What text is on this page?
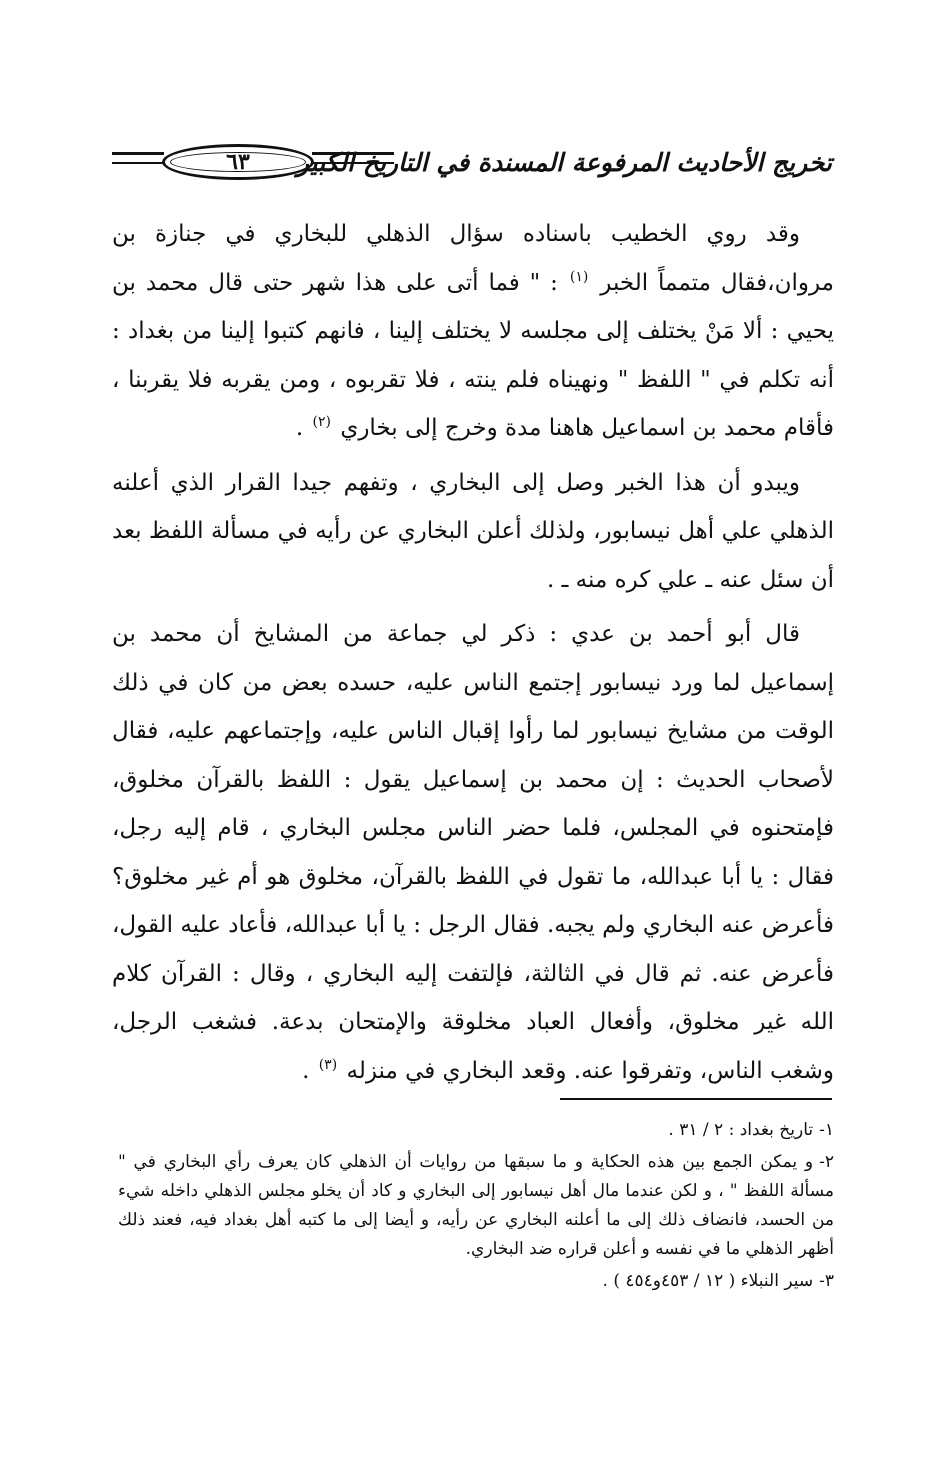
٦٣ تخريج الأحاديث المرفوعة المسندة في التاريخ الكبير

وقد روي الخطيب باسناده سؤال الذهلي للبخاري في جنازة بن مروان،فقال متمماً الخبر $^{(١)}$ : " فما أتى على هذا شهر حتى قال محمد بن يحيي : ألا مَنْ يختلف إلى مجلسه لا يختلف إلينا ، فانهم كتبوا إلينا من بغداد : أنه تكلم في " اللفظ " ونهيناه فلم ينته ، فلا تقربوه ، ومن يقربه فلا يقربنا ، فأقام محمد بن اسماعيل هاهنا مدة وخرج إلى بخاري $^{(٢)}$ .

ويبدو أن هذا الخبر وصل إلى البخاري ، وتفهم جيدا القرار الذي أعلنه الذهلي علي أهل نيسابور، ولذلك أعلن البخاري عن رأيه في مسألة اللفظ بعد أن سئل عنه ـ علي كره منه ـ .

قال أبو أحمد بن عدي : ذكر لي جماعة من المشايخ أن محمد بن إسماعيل لما ورد نيسابور إجتمع الناس عليه، حسده بعض من كان في ذلك الوقت من مشايخ نيسابور لما رأوا إقبال الناس عليه، وإجتماعهم عليه، فقال لأصحاب الحديث : إن محمد بن إسماعيل يقول : اللفظ بالقرآن مخلوق، فإمتحنوه في المجلس، فلما حضر الناس مجلس البخاري ، قام إليه رجل، فقال : يا أبا عبدالله، ما تقول في اللفظ بالقرآن، مخلوق هو أم غير مخلوق؟ فأعرض عنه البخاري ولم يجبه. فقال الرجل : يا أبا عبدالله، فأعاد عليه القول، فأعرض عنه. ثم قال في الثالثة، فإلتفت إليه البخاري ، وقال : القرآن كلام الله غير مخلوق، وأفعال العباد مخلوقة والإمتحان بدعة. فشغب الرجل، وشغب الناس، وتفرقوا عنه. وقعد البخاري في منزله $^{(٣)}$ .

١-تاريخ بغداد : ٢ / ٣١ .

٢-و يمكن الجمع بين هذه الحكاية و ما سبقها من روايات أن الذهلي كان يعرف رأي البخاري في " مسألة اللفظ " ، و لكن عندما مال أهل نيسابور إلى البخاري و كاد أن يخلو مجلس الذهلي داخله شيء من الحسد، فانضاف ذلك إلى ما أعلنه البخاري عن رأيه، و أيضا إلى ما كتبه أهل بغداد فيه، فعند ذلك أظهر الذهلي ما في نفسه و أعلن قراره ضد البخاري.

٣-سير النبلاء ( ١٢ / ٤٥٣و٤٥٤ ) .
